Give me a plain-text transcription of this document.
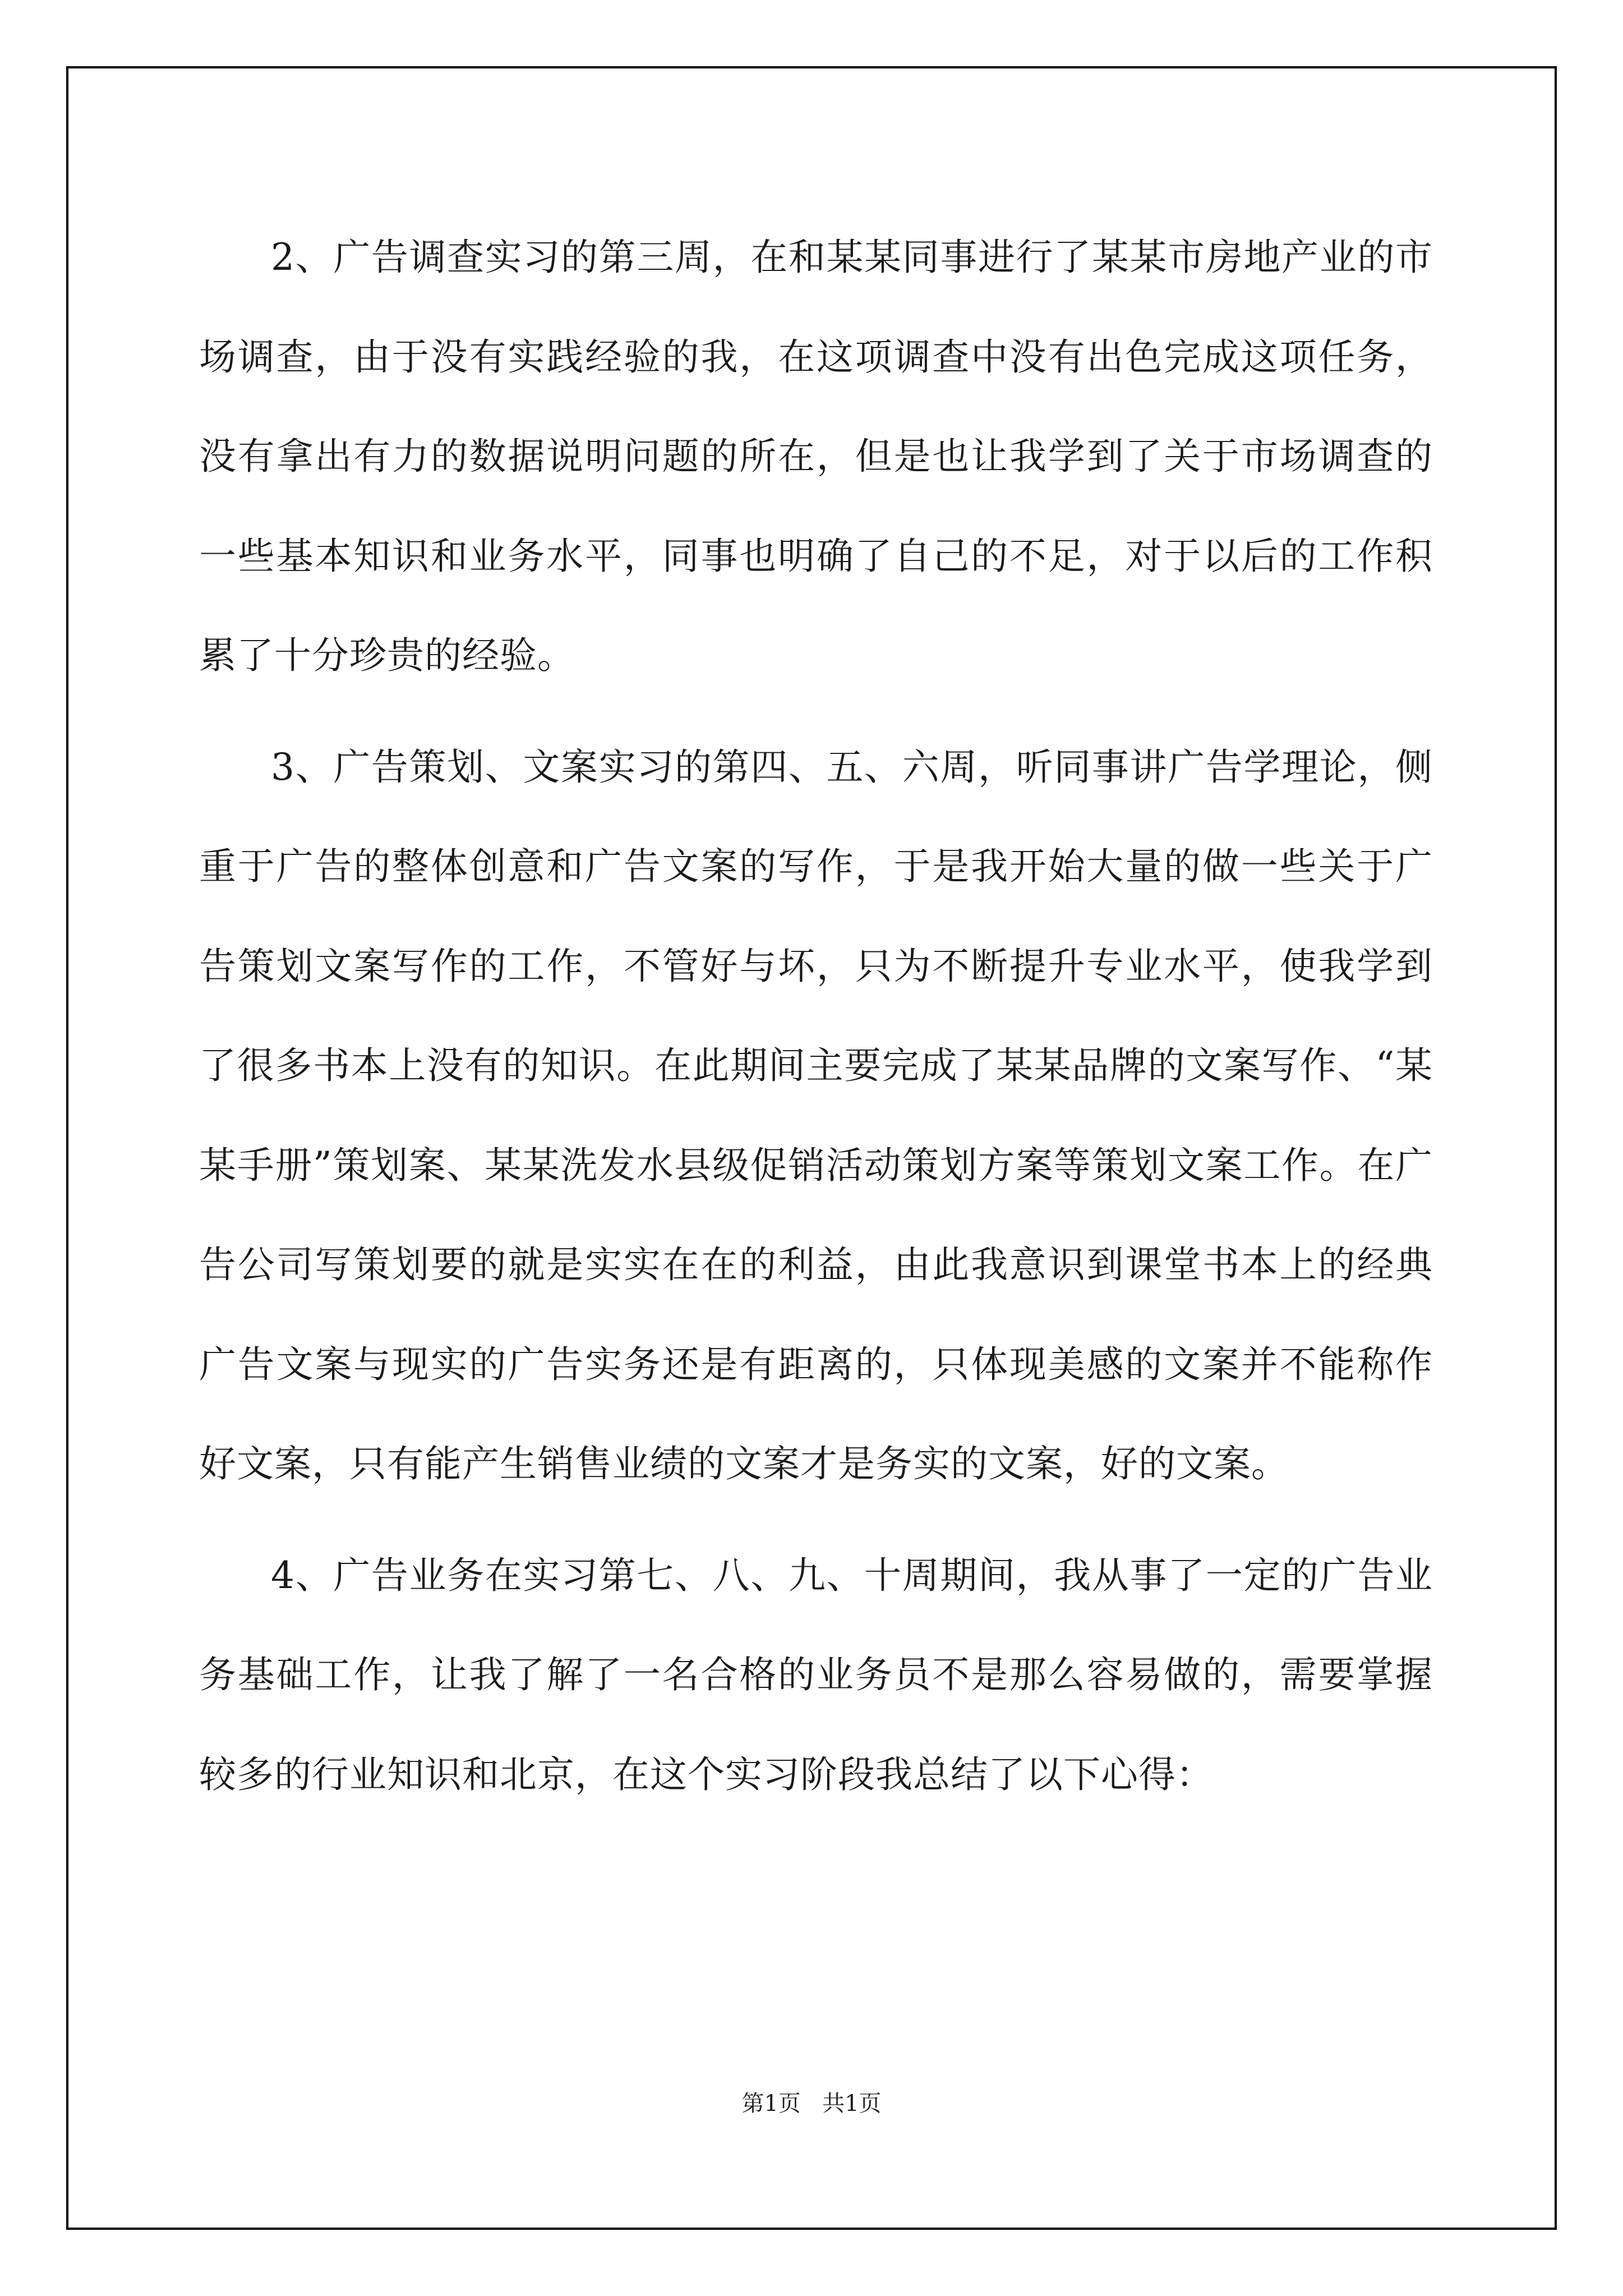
2、广告调查实习的第三周，在和某某同事进行了某某市房地产业的市场调查，由于没有实践经验的我，在这项调查中没有出色完成这项任务，没有拿出有力的数据说明问题的所在，但是也让我学到了关于市场调查的一些基本知识和业务水平，同事也明确了自己的不足，对于以后的工作积累了十分珍贵的经验。

3、广告策划、文案实习的第四、五、六周，听同事讲广告学理论，侧重于广告的整体创意和广告文案的写作，于是我开始大量的做一些关于广告策划文案写作的工作，不管好与坏，只为不断提升专业水平，使我学到了很多书本上没有的知识。在此期间主要完成了某某品牌的文案写作、“某某手册”策划案、某某洗发水县级促销活动策划方案等策划文案工作。在广告公司写策划要的就是实实在在的利益，由此我意识到课堂书本上的经典广告文案与现实的广告实务还是有距离的，只体现美感的文案并不能称作好文案，只有能产生销售业绩的文案才是务实的文案，好的文案。

4、广告业务在实习第七、八、九、十周期间，我从事了一定的广告业务基础工作，让我了解了一名合格的业务员不是那么容易做的，需要掌握较多的行业知识和北京，在这个实习阶段我总结了以下心得：

第1页 共1页
